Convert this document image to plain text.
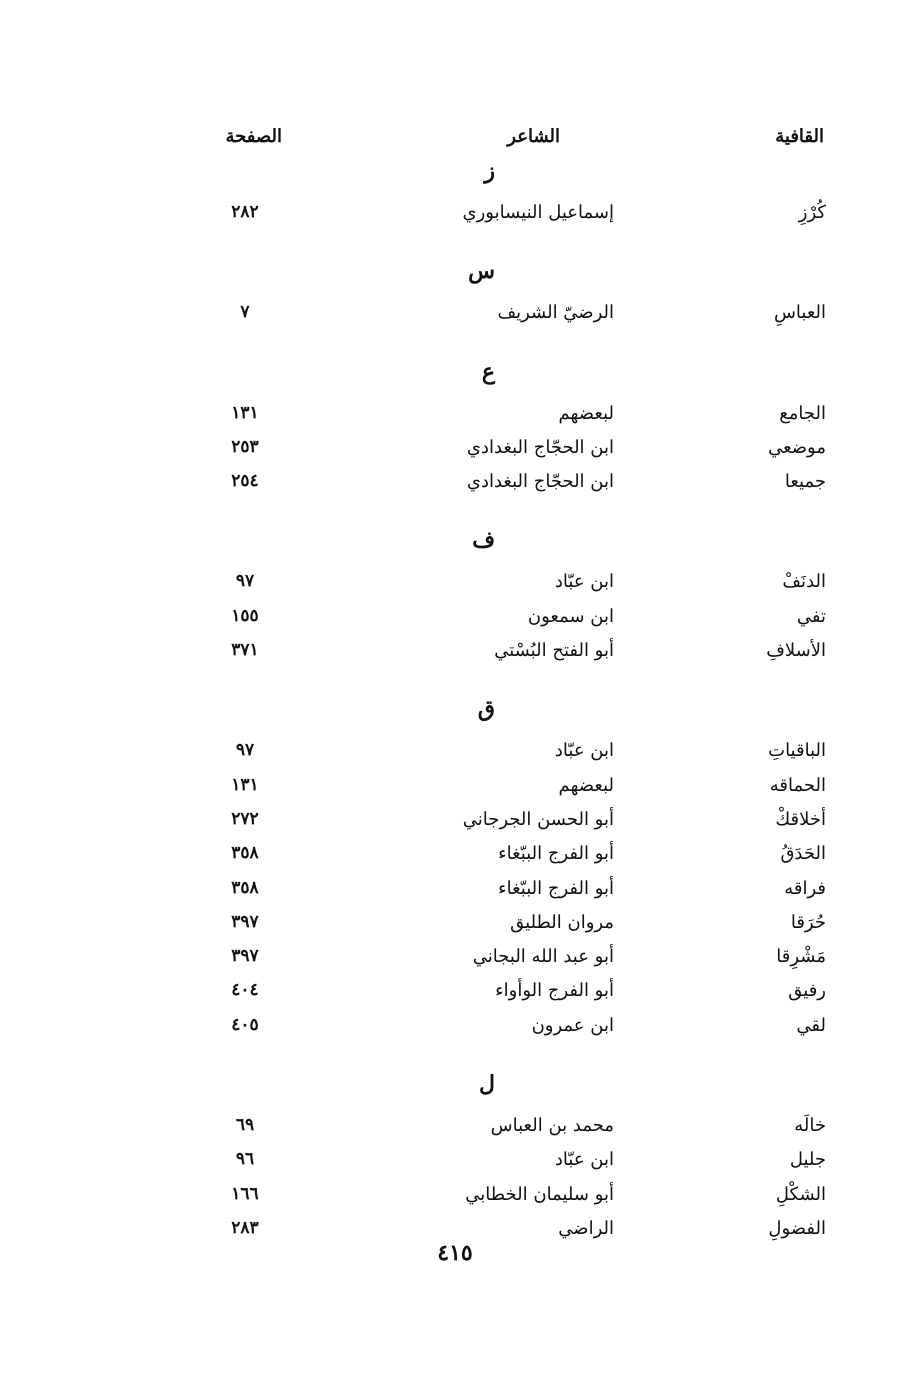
القافية
الشاعر
الصفحة
ز
كُرْزِ
إسماعيل النيسابوري
٢٨٢
س
العباسِ
الرضيّ الشريف
٧
ع
الجامع
لبعضهم
١٣١
موضعي
ابن الحجّاج البغدادي
٢٥٣
جميعا
ابن الحجّاج البغدادي
٢٥٤
ف
الدنَفْ
ابن عبّاد
٩٧
تفي
ابن سمعون
١٥٥
الأسلافِ
أبو الفتح البُسْتي
٣٧١
ق
الباقياتِ
ابن عبّاد
٩٧
الحماقه
لبعضهم
١٣١
أخلاقكْ
أبو الحسن الجرجاني
٢٧٢
الحَدَقُ
أبو الفرج الببّغاء
٣٥٨
فراقه
أبو الفرج الببّغاء
٣٥٨
حُرَقا
مروان الطليق
٣٩٧
مَشْرِقا
أبو عبد الله البجاني
٣٩٧
رفيق
أبو الفرج الوأواء
٤٠٤
لقي
ابن عمرون
٤٠٥
ل
خالَه
محمد بن العباس
٦٩
جليل
ابن عبّاد
٩٦
الشكْلِ
أبو سليمان الخطابي
١٦٦
الفضولِ
الراضي
٢٨٣
٤١٥
